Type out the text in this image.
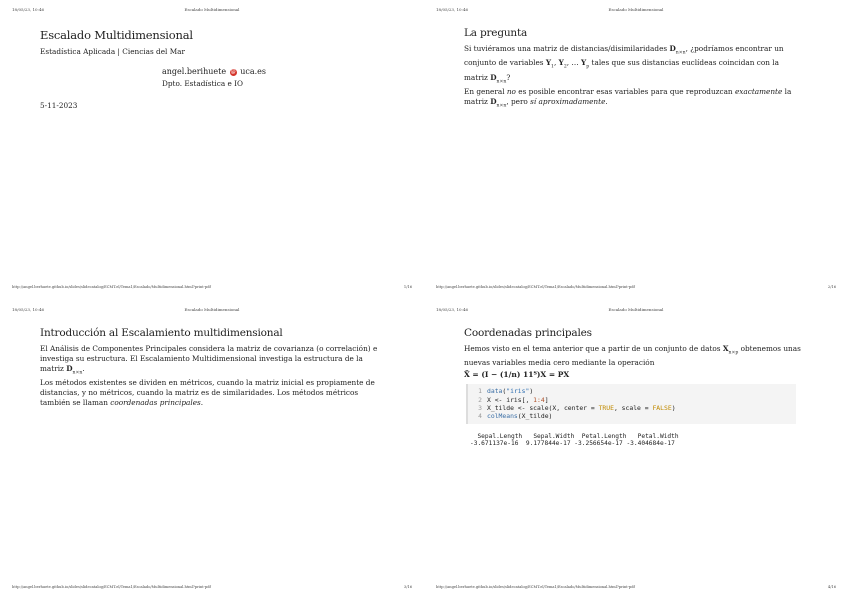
18/05/23, 10:46	Escalado Multidimensional
Escalado Multidimensional

Estadística Aplicada | Ciencias del Mar

angel.berihuete @ uca.es
Dpto. Estadística e IO
5-11-2023
http://angel.berhuete.github.io/slides/slidecatalog/ECMT.el/Tema1/Escalado/Multidimensional.html?print-pdf	1/16
18/05/23, 10:46	Escalado Multidimensional
La pregunta

Si tuviéramos una matriz de distancias/disimilaridades $D_{n\times n}$, ¿podríamos encontrar un conjunto de variables $Y_1$, $Y_2$, … $Y_p$ tales que sus distancias euclídeas coincidan con la matriz $D_{n\times n}$?

En general no es posible encontrar esas variables para que reproduzcan exactamente la matriz $D_{n\times n}$, pero sí aproximadamente.

http://angel.berhuete.github.io/slides/slidecatalog/ECMT.el/Tema1/Escalado/Multidimensional.html?print-pdf	2/16
18/05/23, 10:46	Escalado Multidimensional
Introducción al Escalamiento multidimensional

El Análisis de Componentes Principales considera la matriz de covarianza (o correlación) e investiga su estructura. El Escalamiento Multidimensional investiga la estructura de la matriz $D_{n\times n}$.

Los métodos existentes se dividen en métricos, cuando la matriz inicial es propiamente de distancias, y no métricos, cuando la matriz es de similaridades. Los métodos métricos también se llaman coordenadas principales.

http://angel.berhuete.github.io/slides/slidecatalog/ECMT.el/Tema1/Escalado/Multidimensional.html?print-pdf	3/16
18/05/23, 10:46	Escalado Multidimensional
Coordenadas principales

Hemos visto en el tema anterior que a partir de un conjunto de datos $X_{n\times p}$ obtenemos unas nuevas variables media cero mediante la operación

X̃ = (I − (1/n) 11ᵀ)X = PX
1 data("iris")
2 X <- iris[, 1:4]
3 X_tilde <- scale(X, center = TRUE, scale = FALSE)
4 colMeans(X_tilde)
Sepal.Length   Sepal.Width  Petal.Length   Petal.Width
-3.671137e-16  9.177844e-17 -3.256654e-17 -3.404684e-17
http://angel.berhuete.github.io/slides/slidecatalog/ECMT.el/Tema1/Escalado/Multidimensional.html?print-pdf	4/16
